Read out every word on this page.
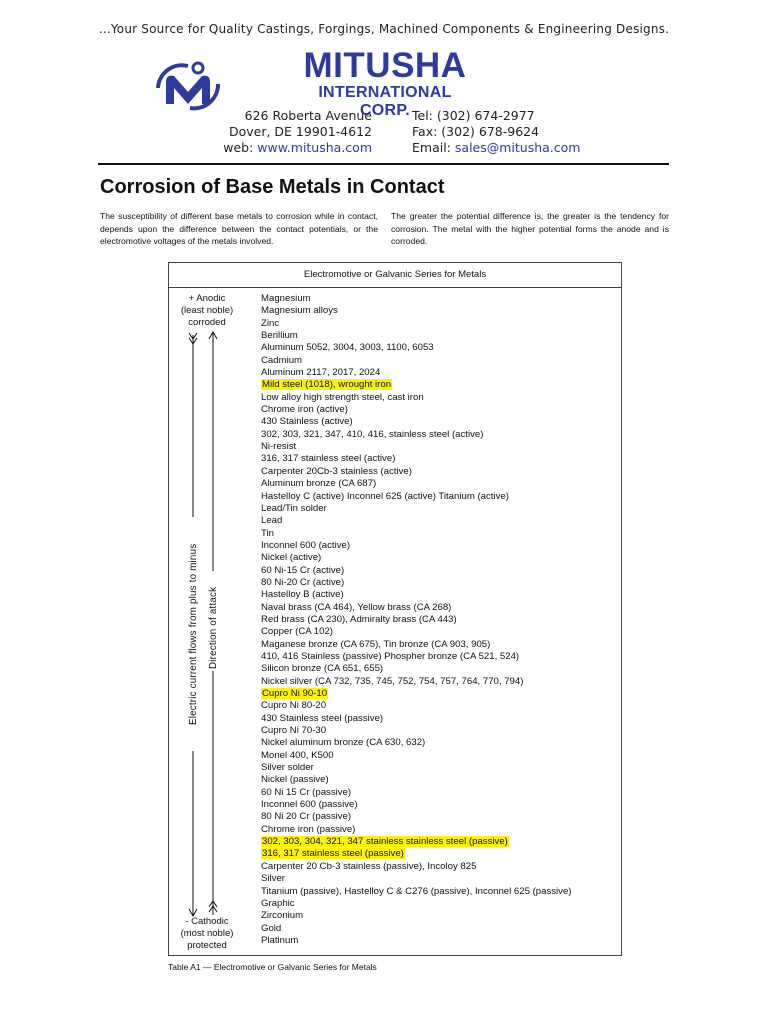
...Your Source for Quality Castings, Forgings, Machined Components & Engineering Designs.
MITUSHA
INTERNATIONAL CORP.
626 Roberta Avenue
Dover, DE 19901-4612
web: www.mitusha.com
Tel: (302) 674-2977
Fax: (302) 678-9624
Email: sales@mitusha.com
Corrosion of Base Metals in Contact
The susceptibility of different base metals to corrosion while in contact, depends upon the difference between the contact potentials, or the electromotive voltages of the metals involved.
The greater the potential difference is, the greater is the tendency for corrosion. The metal with the higher potential forms the anode and is corroded.
Electromotive or Galvanic Series for Metals
+ Anodic
(least noble)
corroded
Electric current flows from plus to minus Direction of attack
- Cathodic
(most noble)
protected
Magnesium
Magnesium alloys
Zinc
Berillium
Aluminum 5052, 3004, 3003, 1100, 6053
Cadmium
Aluminum 2117, 2017, 2024
Mild steel (1018), wrought iron
Low alloy high strength steel, cast iron
Chrome iron (active)
430 Stainless (active)
302, 303, 321, 347, 410, 416, stainless steel (active)
Ni-resist
316, 317 stainless steel (active)
Carpenter 20Cb-3 stainless (active)
Aluminum bronze (CA 687)
Hastelloy C (active) Inconnel 625 (active) Titanium (active)
Lead/Tin solder
Lead
Tin
Inconnel 600 (active)
Nickel (active)
60 Ni-15 Cr (active)
80 Ni-20 Cr (active)
Hastelloy B (active)
Naval brass (CA 464), Yellow brass (CA 268)
Red brass (CA 230), Admiralty brass (CA 443)
Copper (CA 102)
Maganese bronze (CA 675), Tin bronze (CA 903, 905)
410, 416 Stainless (passive) Phospher bronze (CA 521, 524)
Silicon bronze (CA 651, 655)
Nickel silver (CA 732, 735, 745, 752, 754, 757, 764, 770, 794)
Cupro Ni 90-10
Cupro Ni 80-20
430 Stainless steel (passive)
Cupro Ni 70-30
Nickel aluminum bronze (CA 630, 632)
Monel 400, K500
Silver solder
Nickel (passive)
60 Ni 15 Cr (passive)
Inconnel 600 (passive)
80 Ni 20 Cr (passive)
Chrome iron (passive)
302, 303, 304, 321, 347 stainless stainless steel (passive)
316, 317 stainless steel (passive)
Carpenter 20 Cb-3 stainless (passive), Incoloy 825
Silver
Titanium (passive), Hastelloy C & C276 (passive), Inconnel 625 (passive)
Graphic
Zirconium
Gold
Platinum
Table A1 — Electromotive or Galvanic Series for Metals
